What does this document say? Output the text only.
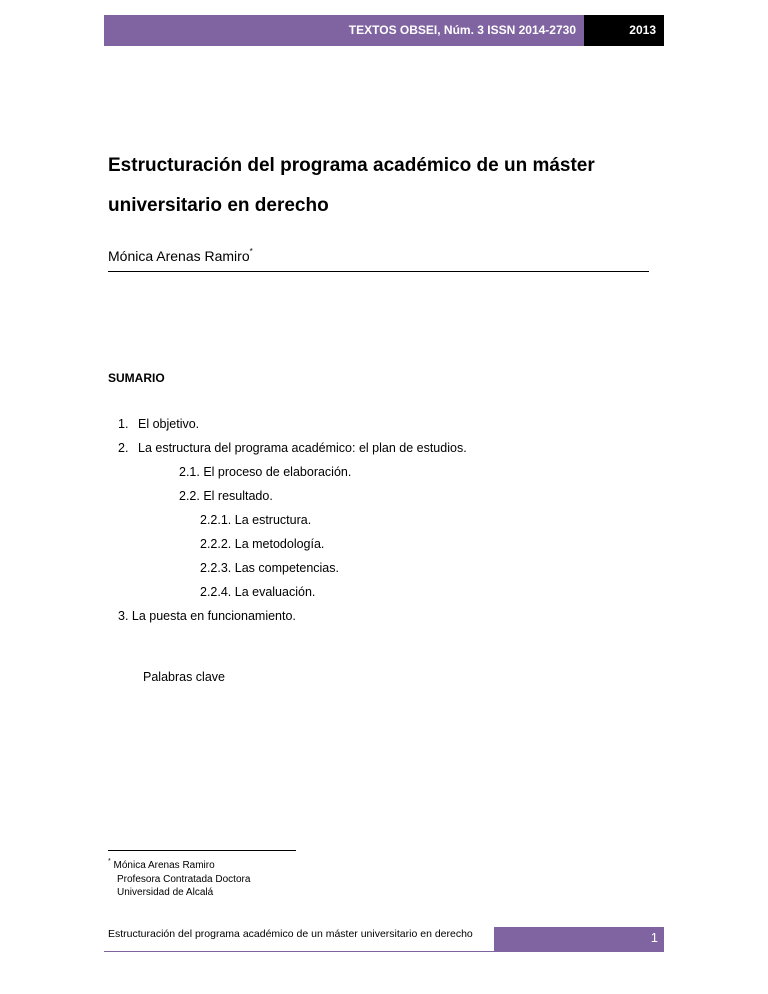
TEXTOS OBSEI, Núm. 3 ISSN 2014-2730	2013
Estructuración del programa académico de un máster
universitario en derecho
Mónica Arenas Ramiro*
SUMARIO
1. El objetivo.
2. La estructura del programa académico: el plan de estudios.
2.1. El proceso de elaboración.
2.2. El resultado.
2.2.1. La estructura.
2.2.2. La metodología.
2.2.3. Las competencias.
2.2.4. La evaluación.
3. La puesta en funcionamiento.
Palabras clave
* Mónica Arenas Ramiro
Profesora Contratada Doctora
Universidad de Alcalá
Estructuración del programa académico de un máster universitario en derecho	1
